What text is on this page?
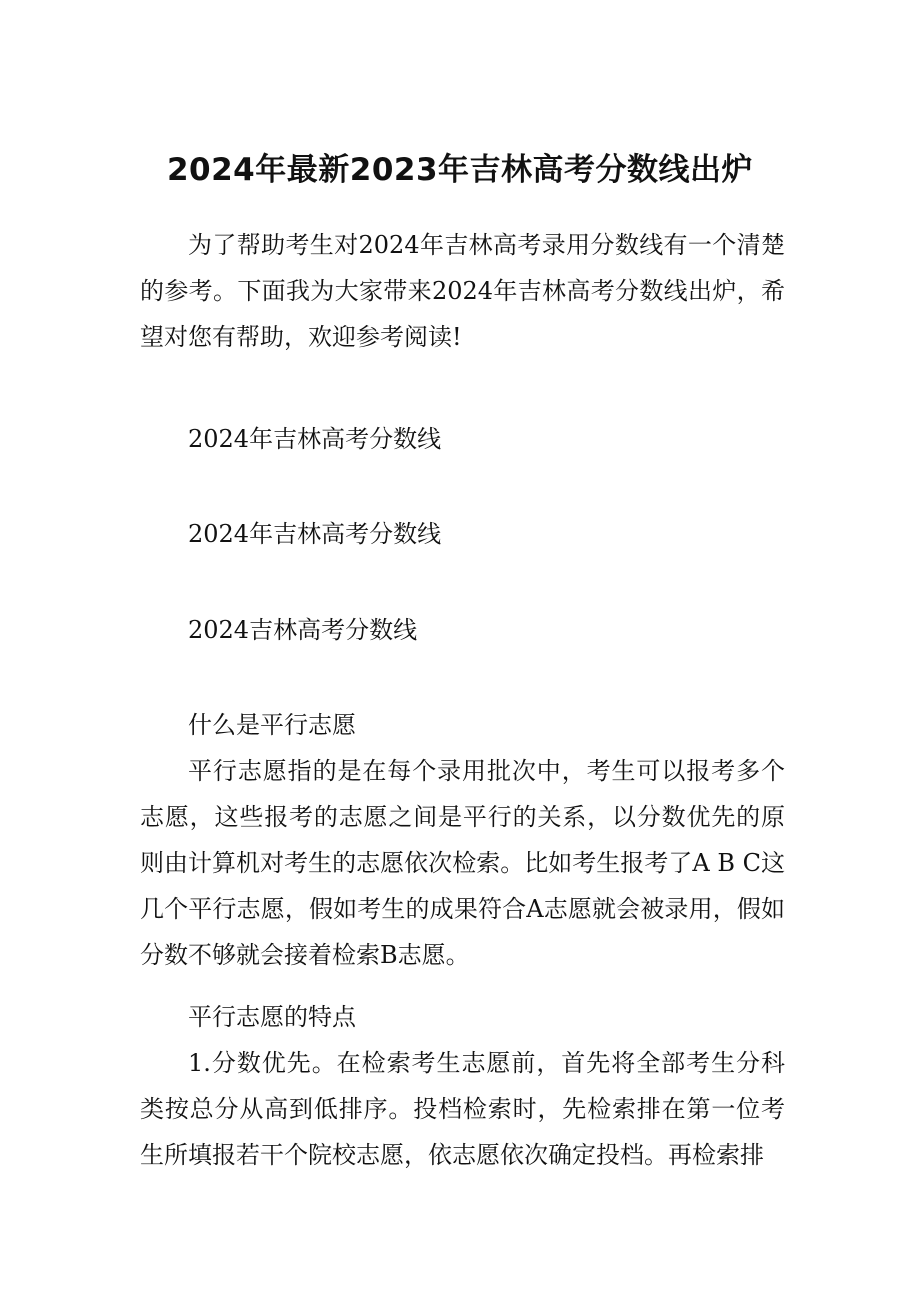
2024年最新2023年吉林高考分数线出炉

为了帮助考生对2024年吉林高考录用分数线有一个清楚的参考。下面我为大家带来2024年吉林高考分数线出炉，希望对您有帮助，欢迎参考阅读!

2024年吉林高考分数线

2024年吉林高考分数线

2024吉林高考分数线

什么是平行志愿

平行志愿指的是在每个录用批次中，考生可以报考多个志愿，这些报考的志愿之间是平行的关系，以分数优先的原则由计算机对考生的志愿依次检索。比如考生报考了A B C这几个平行志愿，假如考生的成果符合A志愿就会被录用，假如分数不够就会接着检索B志愿。

平行志愿的特点

1.分数优先。在检索考生志愿前，首先将全部考生分科类按总分从高到低排序。投档检索时，先检索排在第一位考生所填报若干个院校志愿，依志愿依次确定投档。再检索排
